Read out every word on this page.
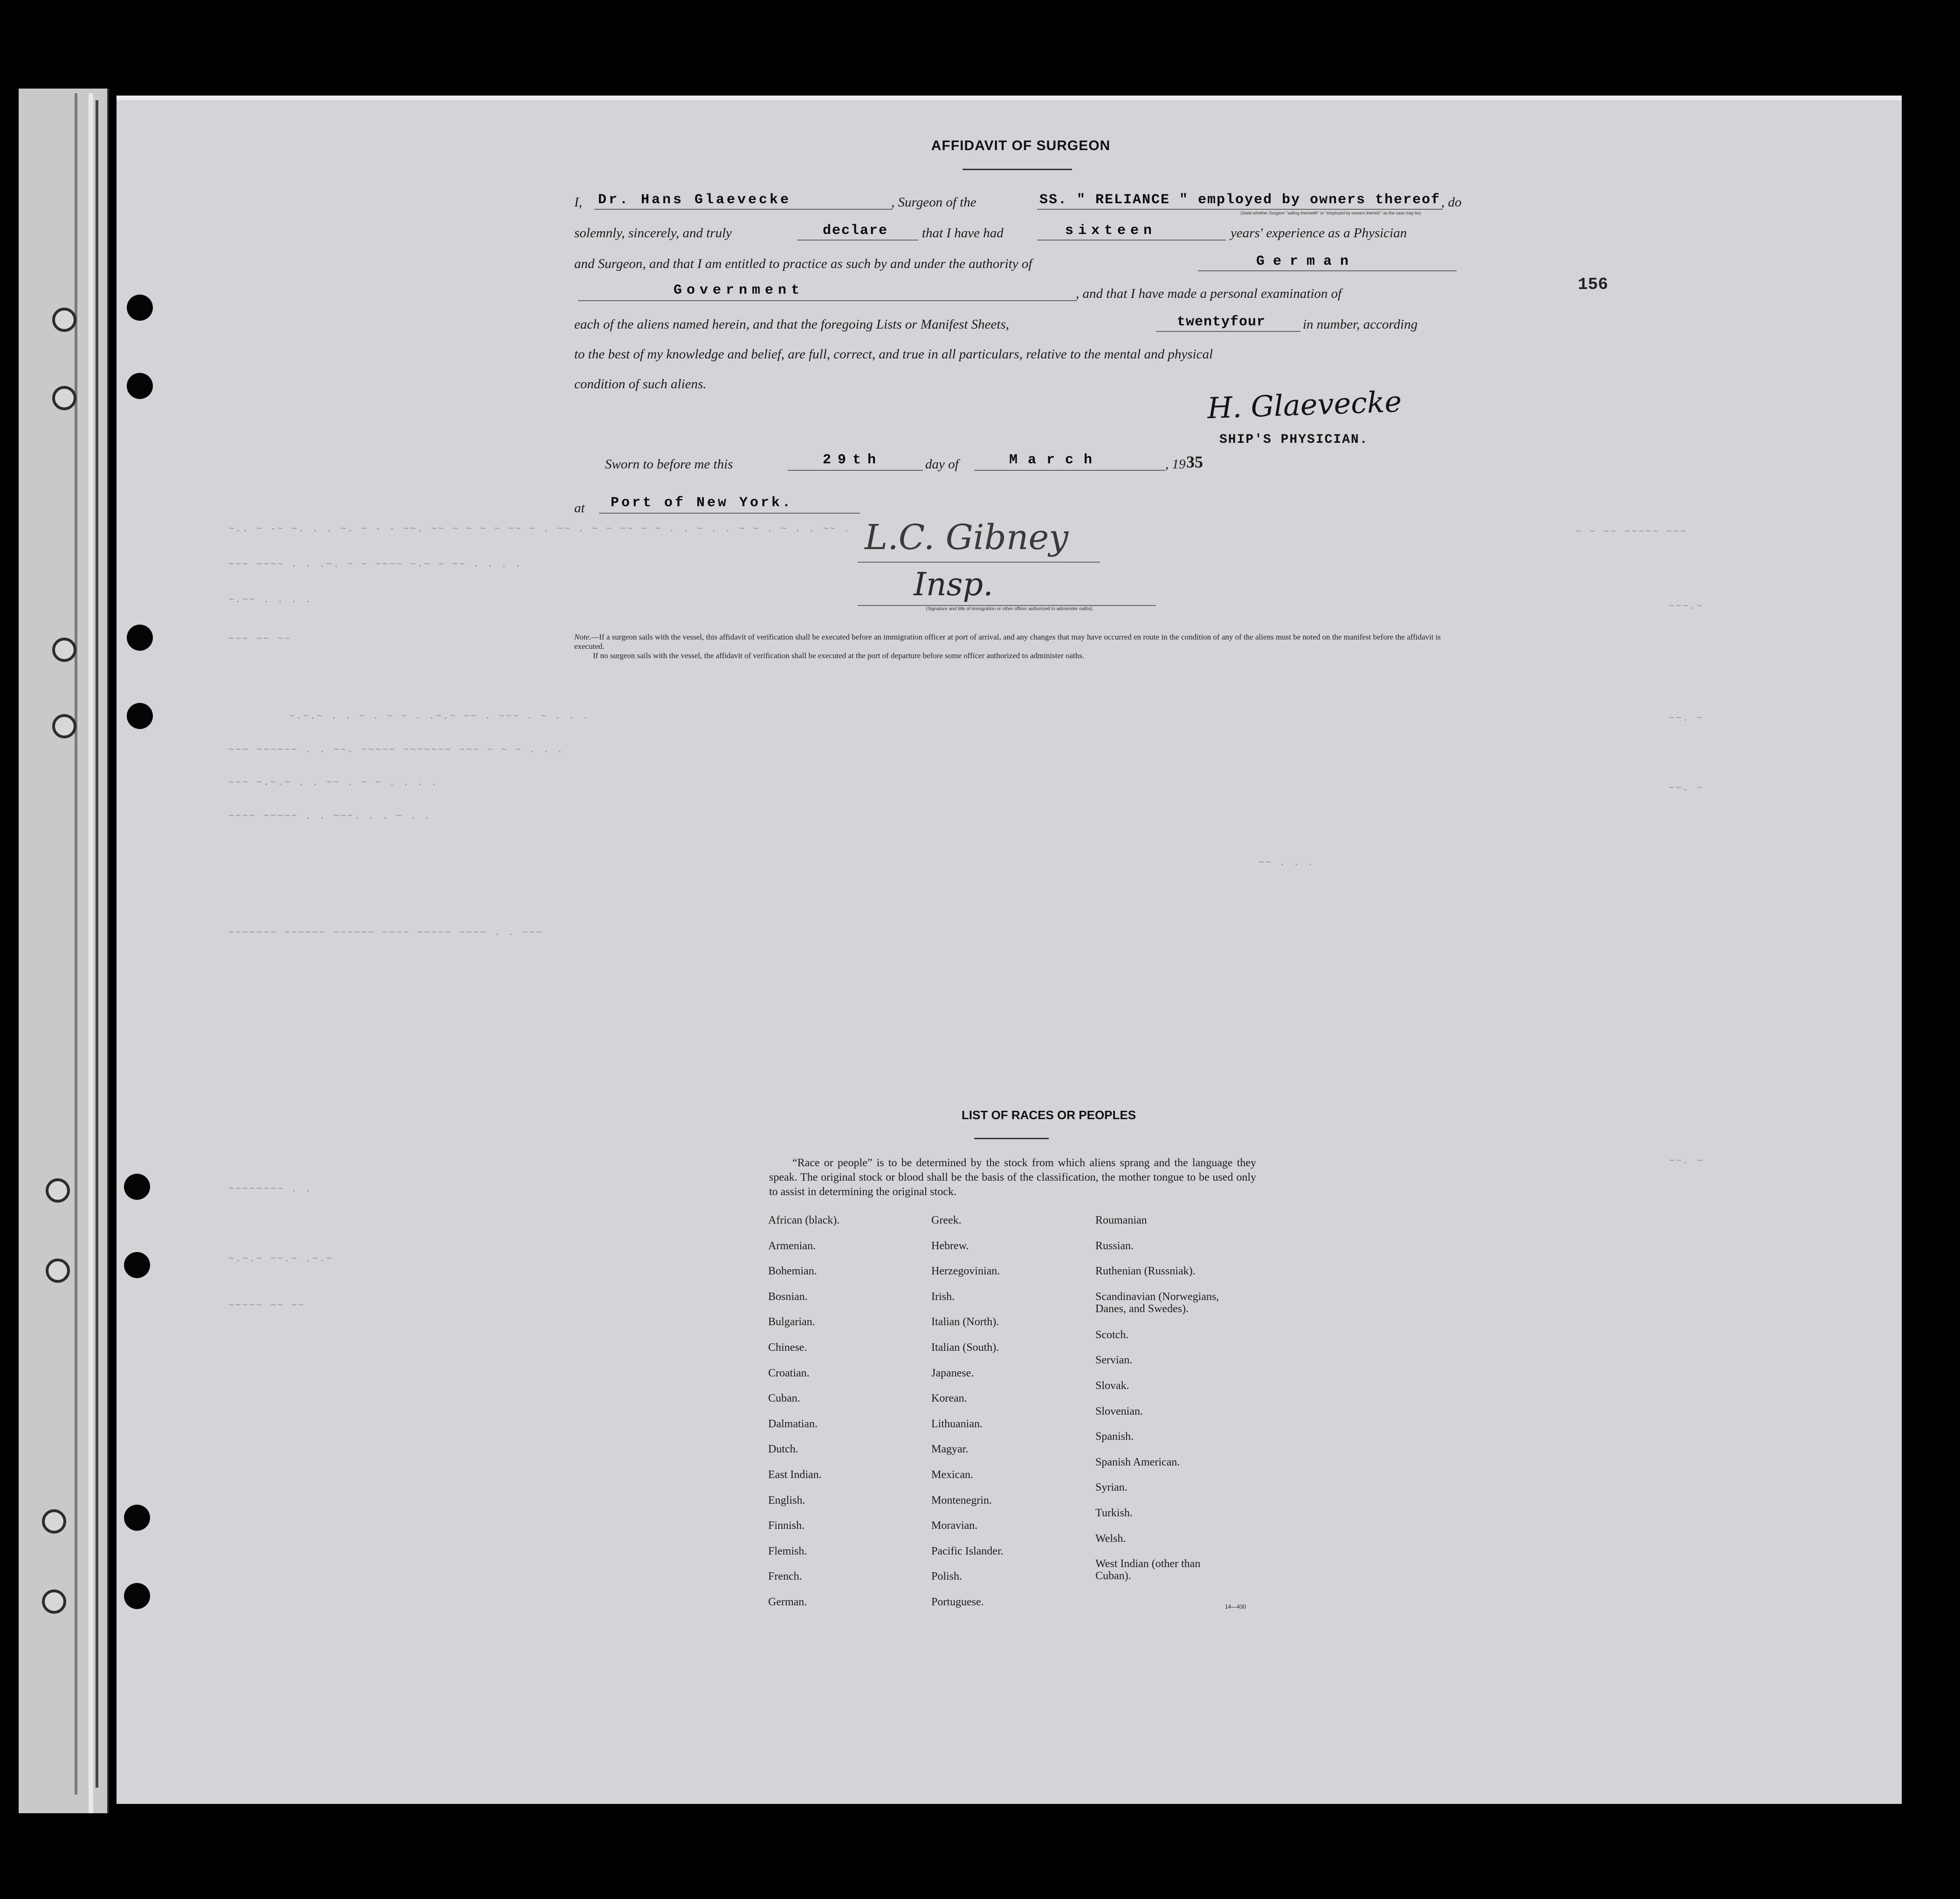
~.. ~ -~ ~. . . ~. ~ - - ~~. ~~ ~ ~ ~ ~ ~~ ~ . ~~ . ~ ~ ~~ ~ ~ . . ~ . . ~ ~ . ~ . . ~~ .
~~~ ~~~~ . . .~. ~ ~ ~~~~ ~.~ ~ ~~ . . . .
~.~~ . . . .
~~~ ~~ ~~
~.~.~ . . ~ . ~ ~ . .~.~ ~~ . ~~~ . ~ . . .
~~~ ~~~~~~ . . ~~. ~~~~~ ~~~~~~~ ~~~ ~ ~ ~ . . .
~~~ ~.~.~ . . ~~ . ~ ~ . . . .
~~~~ ~~~~~ . . ~~~. . . ~ . .
~~ . . .
~~~~~~~ ~~~~~~ ~~~~~~ ~~~~ ~~~~~ ~~~~ . . ~~~
~~~~~~~~ . .
~.~.~ ~~.~ .~.~
~~~~~ ~~ ~~
~ ~ ~~ ~~~~~ ~~~
~~~.~
~~. ~
~~. ~
~~. ~
156
AFFIDAVIT OF SURGEON
I, Dr. Hans Glaevecke	, Surgeon of the	SS. " RELIANCE " employed by owners thereof , do
(State whether Surgeon "sailing therewith" or "employed by owners thereof," as the case may be)
solemnly, sincerely, and truly	declare	that I have had	sixteen	years' experience as a Physician
and Surgeon, and that I am entitled to practice as such by and under the authority of	German
Government	, and that I have made a personal examination of
each of the aliens named herein, and that the foregoing Lists or Manifest Sheets,	twentyfour	in number, according
to the best of my knowledge and belief, are full, correct, and true in all particulars, relative to the mental and physical
condition of such aliens.
H. Glaevecke
SHIP'S PHYSICIAN.
Sworn to before me this	29th	day of	March	, 19 35
at Port of New York.
L.C. Gibney
Insp.
(Signature and title of immigration or other officer authorized to administer oaths)
Note.—If a surgeon sails with the vessel, this affidavit of verification shall be executed before an immigration officer at port of arrival, and any changes that may have occurred en route in the condition of any of the aliens must be noted on the manifest before the affidavit is executed.
If no surgeon sails with the vessel, the affidavit of verification shall be executed at the port of departure before some officer authorized to administer oaths.
LIST OF RACES OR PEOPLES
“Race or people” is to be determined by the stock from which aliens sprang and the language they speak. The original stock or blood shall be the basis of the classification, the mother tongue to be used only to assist in determining the original stock.
African (black).
Armenian.
Bohemian.
Bosnian.
Bulgarian.
Chinese.
Croatian.
Cuban.
Dalmatian.
Dutch.
East Indian.
English.
Finnish.
Flemish.
French.
German.
Greek.
Hebrew.
Herzegovinian.
Irish.
Italian (North).
Italian (South).
Japanese.
Korean.
Lithuanian.
Magyar.
Mexican.
Montenegrin.
Moravian.
Pacific Islander.
Polish.
Portuguese.
Roumanian
Russian.
Ruthenian (Russniak).
Scandinavian (Norwegians,
Danes, and Swedes).
Scotch.
Servian.
Slovak.
Slovenian.
Spanish.
Spanish American.
Syrian.
Turkish.
Welsh.
West Indian (other than
Cuban).
14—430
